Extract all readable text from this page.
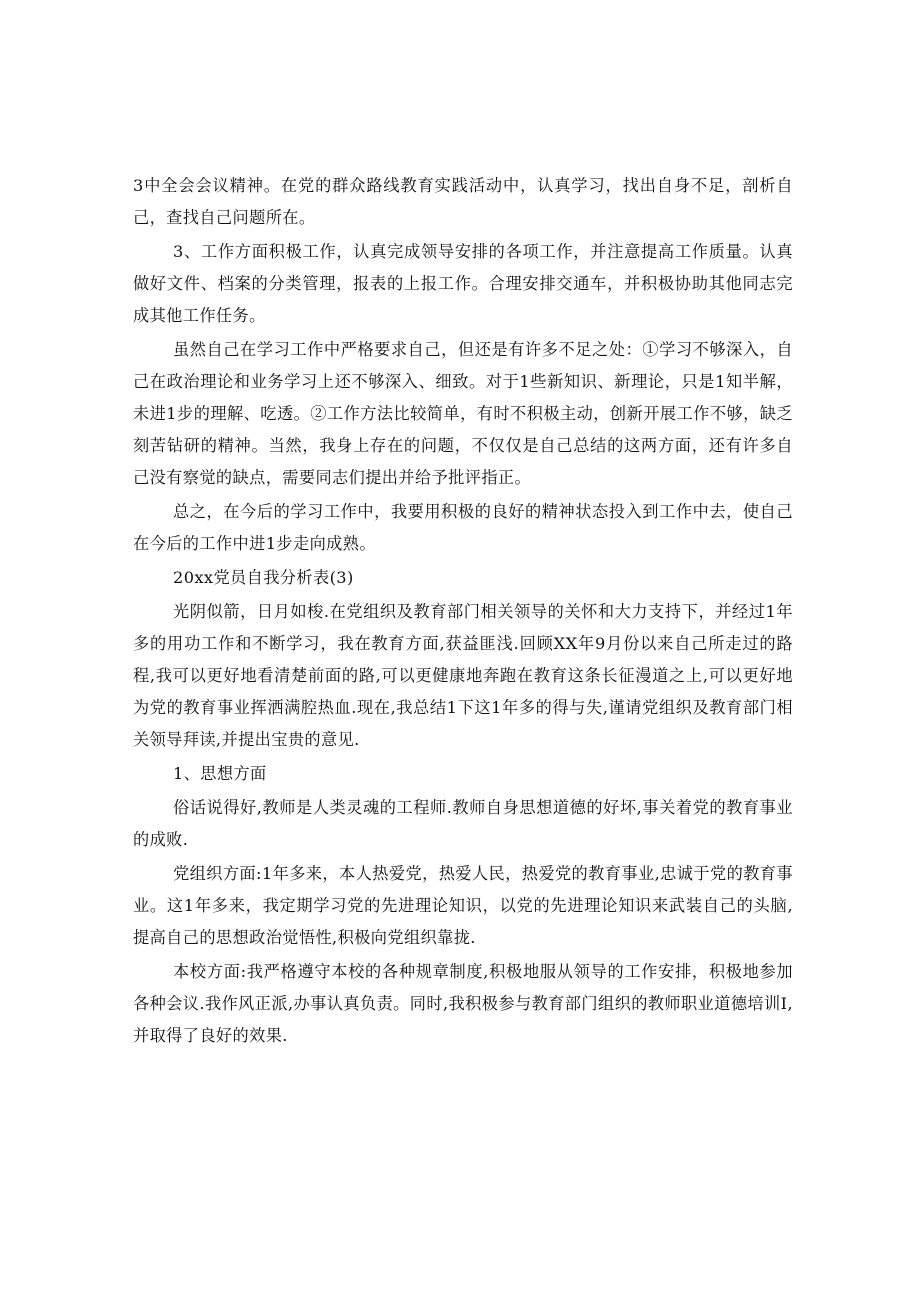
3中全会会议精神。在党的群众路线教育实践活动中，认真学习，找出自身不足，剖析自己，查找自己问题所在。

3、工作方面积极工作，认真完成领导安排的各项工作，并注意提高工作质量。认真做好文件、档案的分类管理，报表的上报工作。合理安排交通车，并积极协助其他同志完成其他工作任务。

虽然自己在学习工作中严格要求自己，但还是有许多不足之处：①学习不够深入，自己在政治理论和业务学习上还不够深入、细致。对于1些新知识、新理论，只是1知半解，未进1步的理解、吃透。②工作方法比较简单，有时不积极主动，创新开展工作不够，缺乏刻苦钻研的精神。当然，我身上存在的问题，不仅仅是自己总结的这两方面，还有许多自己没有察觉的缺点，需要同志们提出并给予批评指正。

总之，在今后的学习工作中，我要用积极的良好的精神状态投入到工作中去，使自己在今后的工作中进1步走向成熟。

20xx党员自我分析表(3)

光阴似箭，日月如梭.在党组织及教育部门相关领导的关怀和大力支持下，并经过1年多的用功工作和不断学习，我在教育方面,获益匪浅.回顾XX年9月份以来自己所走过的路程,我可以更好地看清楚前面的路,可以更健康地奔跑在教育这条长征漫道之上,可以更好地为党的教育事业挥洒满腔热血.现在,我总结1下这1年多的得与失,谨请党组织及教育部门相关领导拜读,并提出宝贵的意见.

1、思想方面

俗话说得好,教师是人类灵魂的工程师.教师自身思想道德的好坏,事关着党的教育事业的成败.

党组织方面:1年多来，本人热爱党，热爱人民，热爱党的教育事业,忠诚于党的教育事业。这1年多来，我定期学习党的先进理论知识，以党的先进理论知识来武装自己的头脑,提高自己的思想政治觉悟性,积极向党组织靠拢.

本校方面:我严格遵守本校的各种规章制度,积极地服从领导的工作安排，积极地参加各种会议.我作风正派,办事认真负责。同时,我积极参与教育部门组织的教师职业道德培训Ⅰ,并取得了良好的效果.
